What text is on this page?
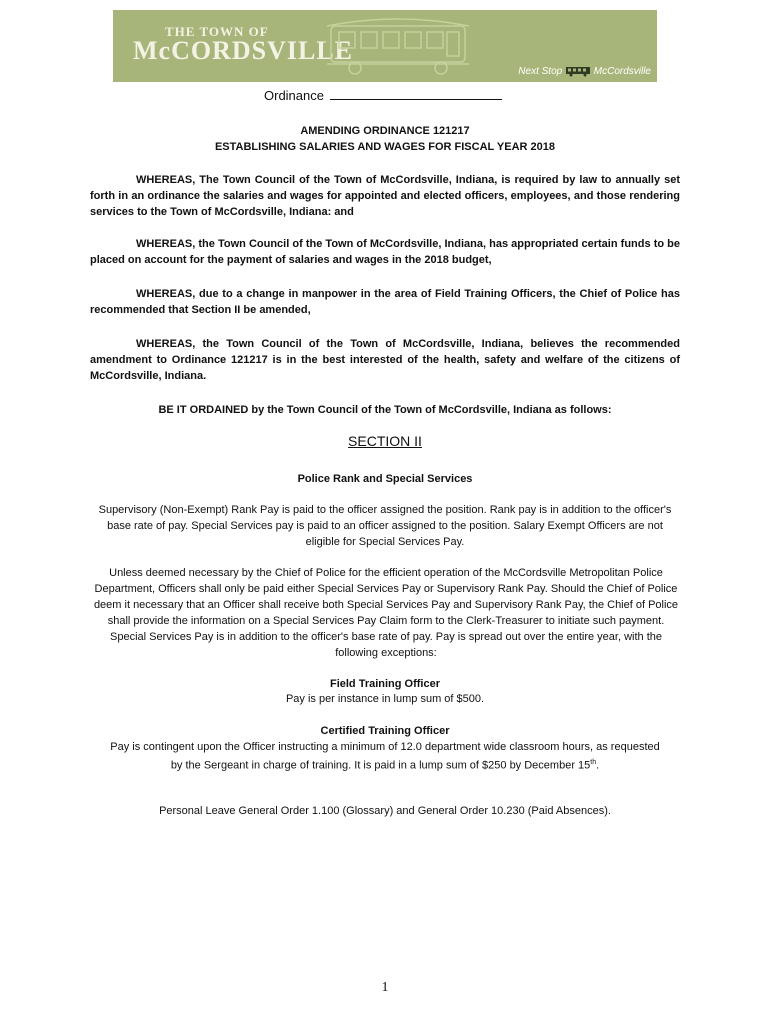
THE TOWN OF
McCORDSVILLE
Next Stop	McCordsville
Ordinance
AMENDING ORDINANCE 121217
ESTABLISHING SALARIES AND WAGES FOR FISCAL YEAR 2018
WHEREAS, The Town Council of the Town of McCordsville, Indiana, is required by law to annually set forth in an ordinance the salaries and wages for appointed and elected officers, employees, and those rendering services to the Town of McCordsville, Indiana: and
WHEREAS, the Town Council of the Town of McCordsville, Indiana, has appropriated certain funds to be placed on account for the payment of salaries and wages in the 2018 budget,
WHEREAS, due to a change in manpower in the area of Field Training Officers, the Chief of Police has recommended that Section II be amended,
WHEREAS, the Town Council of the Town of McCordsville, Indiana, believes the recommended amendment to Ordinance 121217 is in the best interested of the health, safety and welfare of the citizens of McCordsville, Indiana.
BE IT ORDAINED by the Town Council of the Town of McCordsville, Indiana as follows:
SECTION II
Police Rank and Special Services
Supervisory (Non-Exempt) Rank Pay is paid to the officer assigned the position. Rank pay is in addition to the officer's base rate of pay. Special Services pay is paid to an officer assigned to the position. Salary Exempt Officers are not eligible for Special Services Pay.
Unless deemed necessary by the Chief of Police for the efficient operation of the McCordsville Metropolitan Police Department, Officers shall only be paid either Special Services Pay or Supervisory Rank Pay. Should the Chief of Police deem it necessary that an Officer shall receive both Special Services Pay and Supervisory Rank Pay, the Chief of Police shall provide the information on a Special Services Pay Claim form to the Clerk-Treasurer to initiate such payment. Special Services Pay is in addition to the officer's base rate of pay. Pay is spread out over the entire year, with the following exceptions:
Field Training Officer
Pay is per instance in lump sum of $500.
Certified Training Officer
Pay is contingent upon the Officer instructing a minimum of 12.0 department wide classroom hours, as requested
by the Sergeant in charge of training. It is paid in a lump sum of $250 by December 15th.
Personal Leave General Order 1.100 (Glossary) and General Order 10.230 (Paid Absences).
1
